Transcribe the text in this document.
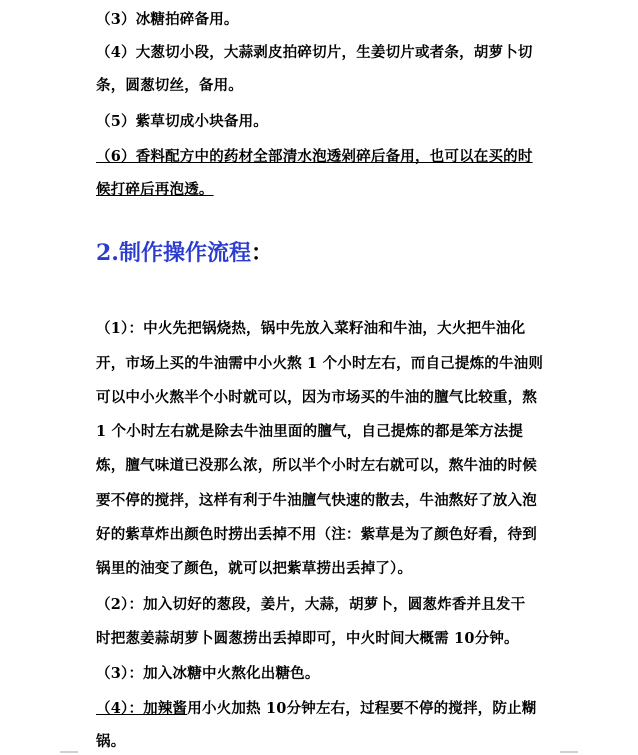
（3）冰糖拍碎备用。
（4）大葱切小段，大蒜剥皮拍碎切片，生姜切片或者条，胡萝卜切
条，圆葱切丝，备用。
（5）紫草切成小块备用。
（6）香料配方中的药材全部清水泡透剁碎后备用，也可以在买的时
候打碎后再泡透。
2.制作操作流程：
（1）：中火先把锅烧热，锅中先放入菜籽油和牛油，大火把牛油化
开，市场上买的牛油需中小火熬 1 个小时左右，而自己提炼的牛油则
可以中小火熬半个小时就可以，因为市场买的牛油的膻气比较重，熬
1 个小时左右就是除去牛油里面的膻气，自己提炼的都是笨方法提
炼，膻气味道已没那么浓，所以半个小时左右就可以，熬牛油的时候
要不停的搅拌，这样有利于牛油膻气快速的散去，牛油熬好了放入泡
好的紫草炸出颜色时捞出丢掉不用（注：紫草是为了颜色好看，待到
锅里的油变了颜色，就可以把紫草捞出丢掉了）。
（2）：加入切好的葱段，姜片，大蒜，胡萝卜，圆葱炸香并且发干
时把葱姜蒜胡萝卜圆葱捞出丢掉即可，中火时间大概需 10分钟。
（3）：加入冰糖中火熬化出糖色。
（4）：加辣酱用小火加热 10分钟左右，过程要不停的搅拌，防止糊
锅。
